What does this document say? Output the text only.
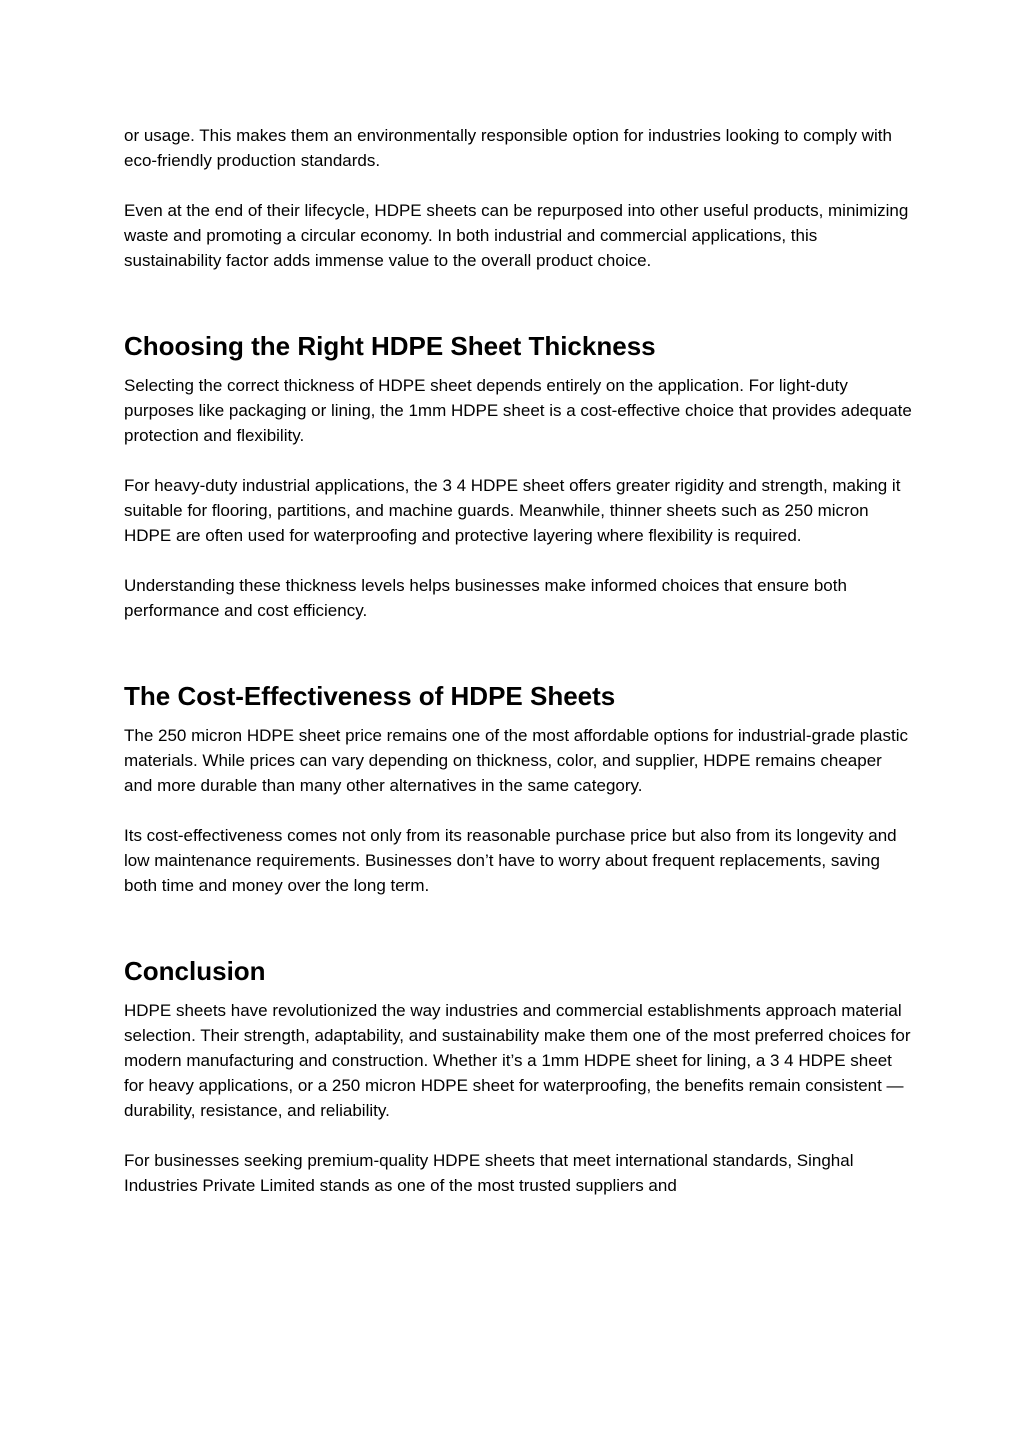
or usage. This makes them an environmentally responsible option for industries looking to comply with eco-friendly production standards.

Even at the end of their lifecycle, HDPE sheets can be repurposed into other useful products, minimizing waste and promoting a circular economy. In both industrial and commercial applications, this sustainability factor adds immense value to the overall product choice.

Choosing the Right HDPE Sheet Thickness

Selecting the correct thickness of HDPE sheet depends entirely on the application. For light-duty purposes like packaging or lining, the 1mm HDPE sheet is a cost-effective choice that provides adequate protection and flexibility.

For heavy-duty industrial applications, the 3 4 HDPE sheet offers greater rigidity and strength, making it suitable for flooring, partitions, and machine guards. Meanwhile, thinner sheets such as 250 micron HDPE are often used for waterproofing and protective layering where flexibility is required.

Understanding these thickness levels helps businesses make informed choices that ensure both performance and cost efficiency.

The Cost-Effectiveness of HDPE Sheets

The 250 micron HDPE sheet price remains one of the most affordable options for industrial-grade plastic materials. While prices can vary depending on thickness, color, and supplier, HDPE remains cheaper and more durable than many other alternatives in the same category.

Its cost-effectiveness comes not only from its reasonable purchase price but also from its longevity and low maintenance requirements. Businesses don’t have to worry about frequent replacements, saving both time and money over the long term.

Conclusion

HDPE sheets have revolutionized the way industries and commercial establishments approach material selection. Their strength, adaptability, and sustainability make them one of the most preferred choices for modern manufacturing and construction. Whether it’s a 1mm HDPE sheet for lining, a 3 4 HDPE sheet for heavy applications, or a 250 micron HDPE sheet for waterproofing, the benefits remain consistent — durability, resistance, and reliability.

For businesses seeking premium-quality HDPE sheets that meet international standards, Singhal Industries Private Limited stands as one of the most trusted suppliers and
